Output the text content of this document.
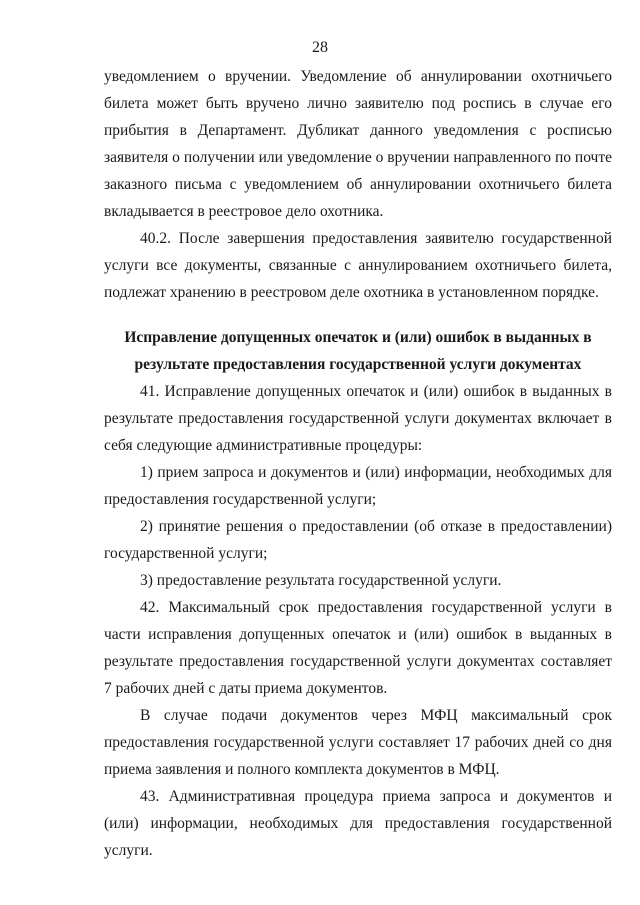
28

уведомлением о вручении. Уведомление об аннулировании охотничьего билета может быть вручено лично заявителю под роспись в случае его прибытия в Департамент. Дубликат данного уведомления с росписью заявителя о получении или уведомление о вручении направленного по почте заказного письма с уведомлением об аннулировании охотничьего билета вкладывается в реестровое дело охотника.

40.2. После завершения предоставления заявителю государственной услуги все документы, связанные с аннулированием охотничьего билета, подлежат хранению в реестровом деле охотника в установленном порядке.

Исправление допущенных опечаток и (или) ошибок в выданных в результате предоставления государственной услуги документах

41. Исправление допущенных опечаток и (или) ошибок в выданных в результате предоставления государственной услуги документах включает в себя следующие административные процедуры:

1) прием запроса и документов и (или) информации, необходимых для предоставления государственной услуги;

2) принятие решения о предоставлении (об отказе в предоставлении) государственной услуги;

3) предоставление результата государственной услуги.

42. Максимальный срок предоставления государственной услуги в части исправления допущенных опечаток и (или) ошибок в выданных в результате предоставления государственной услуги документах составляет 7 рабочих дней с даты приема документов.

В случае подачи документов через МФЦ максимальный срок предоставления государственной услуги составляет 17 рабочих дней со дня приема заявления и полного комплекта документов в МФЦ.

43. Административная процедура приема запроса и документов и (или) информации, необходимых для предоставления государственной услуги.
